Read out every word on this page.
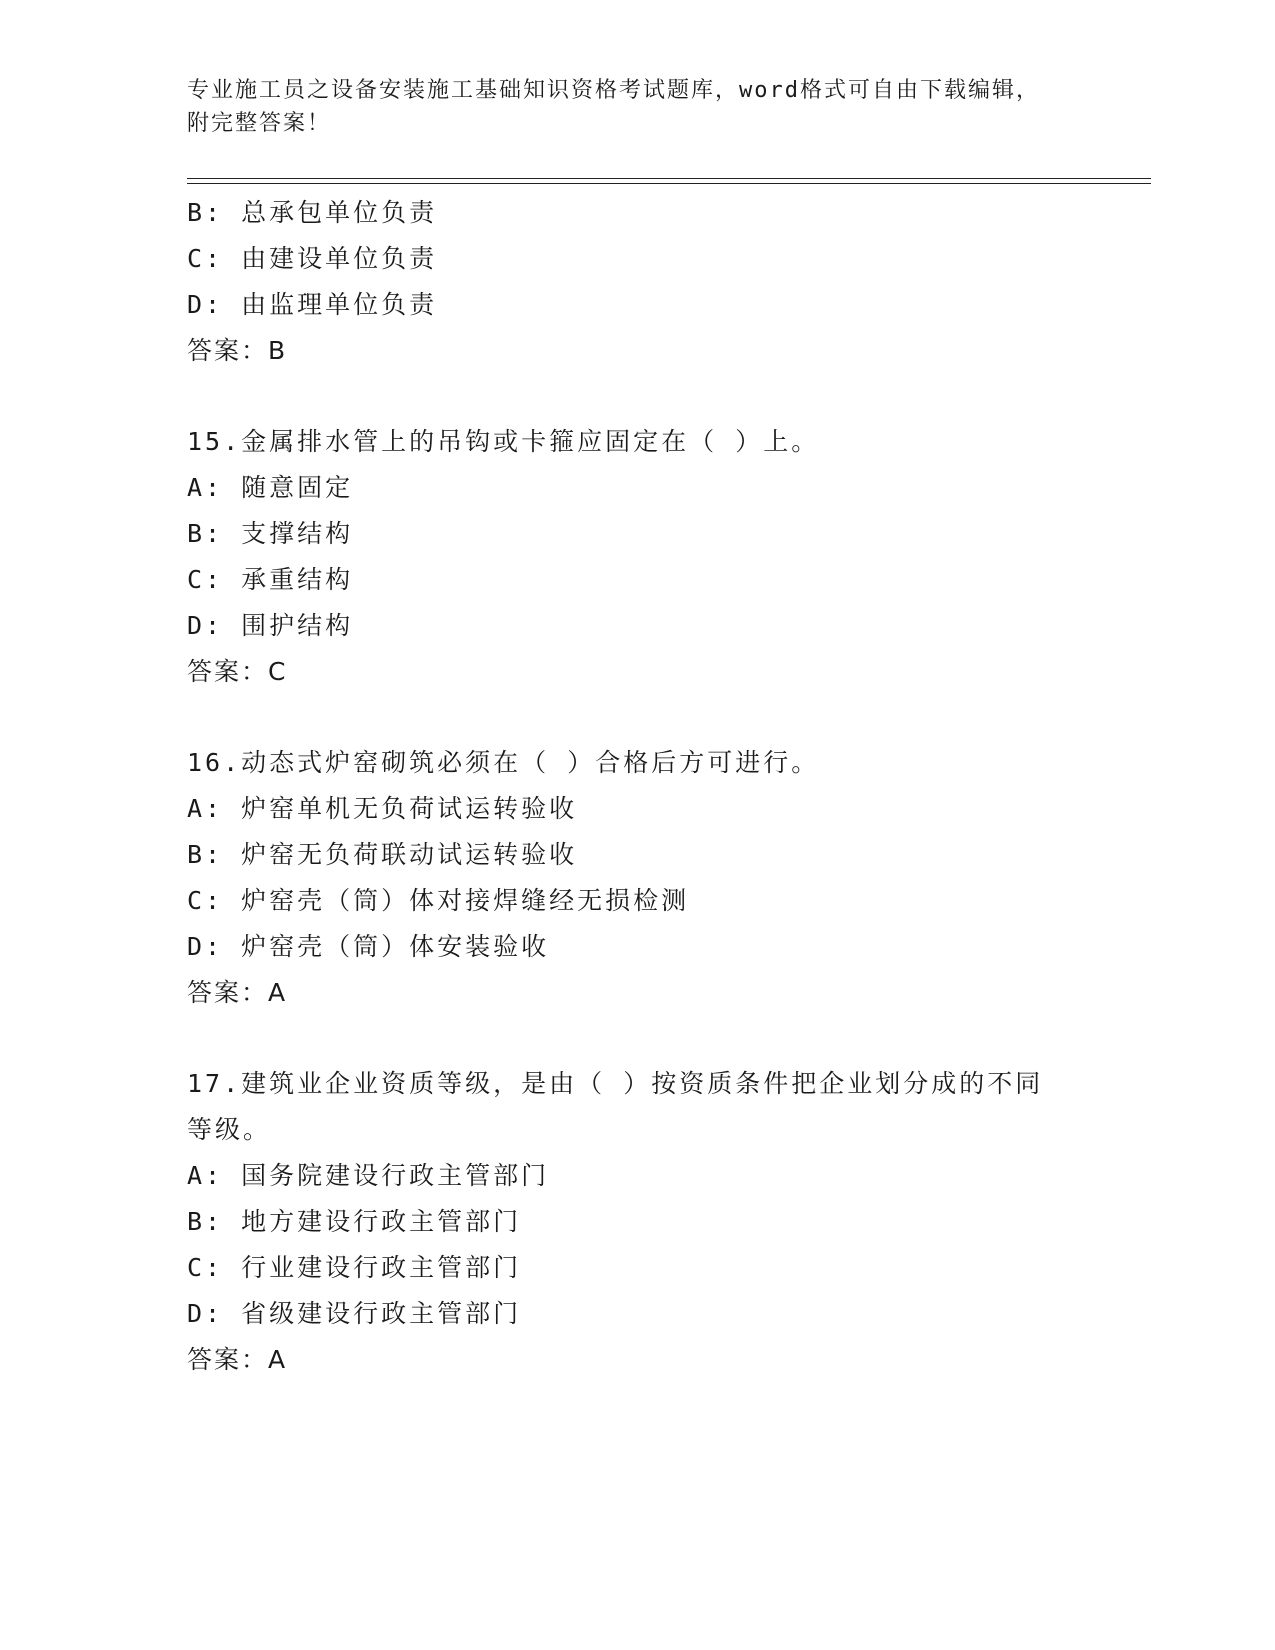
专业施工员之设备安装施工基础知识资格考试题库，word格式可自由下载编辑，
附完整答案！
B: 总承包单位负责
C: 由建设单位负责
D: 由监理单位负责
答案：B
15.金属排水管上的吊钩或卡箍应固定在（ ）上。
A: 随意固定
B: 支撑结构
C: 承重结构
D: 围护结构
答案：C
16.动态式炉窑砌筑必须在（ ）合格后方可进行。
A: 炉窑单机无负荷试运转验收
B: 炉窑无负荷联动试运转验收
C: 炉窑壳（筒）体对接焊缝经无损检测
D: 炉窑壳（筒）体安装验收
答案：A
17.建筑业企业资质等级，是由（ ）按资质条件把企业划分成的不同
等级。
A: 国务院建设行政主管部门
B: 地方建设行政主管部门
C: 行业建设行政主管部门
D: 省级建设行政主管部门
答案：A
